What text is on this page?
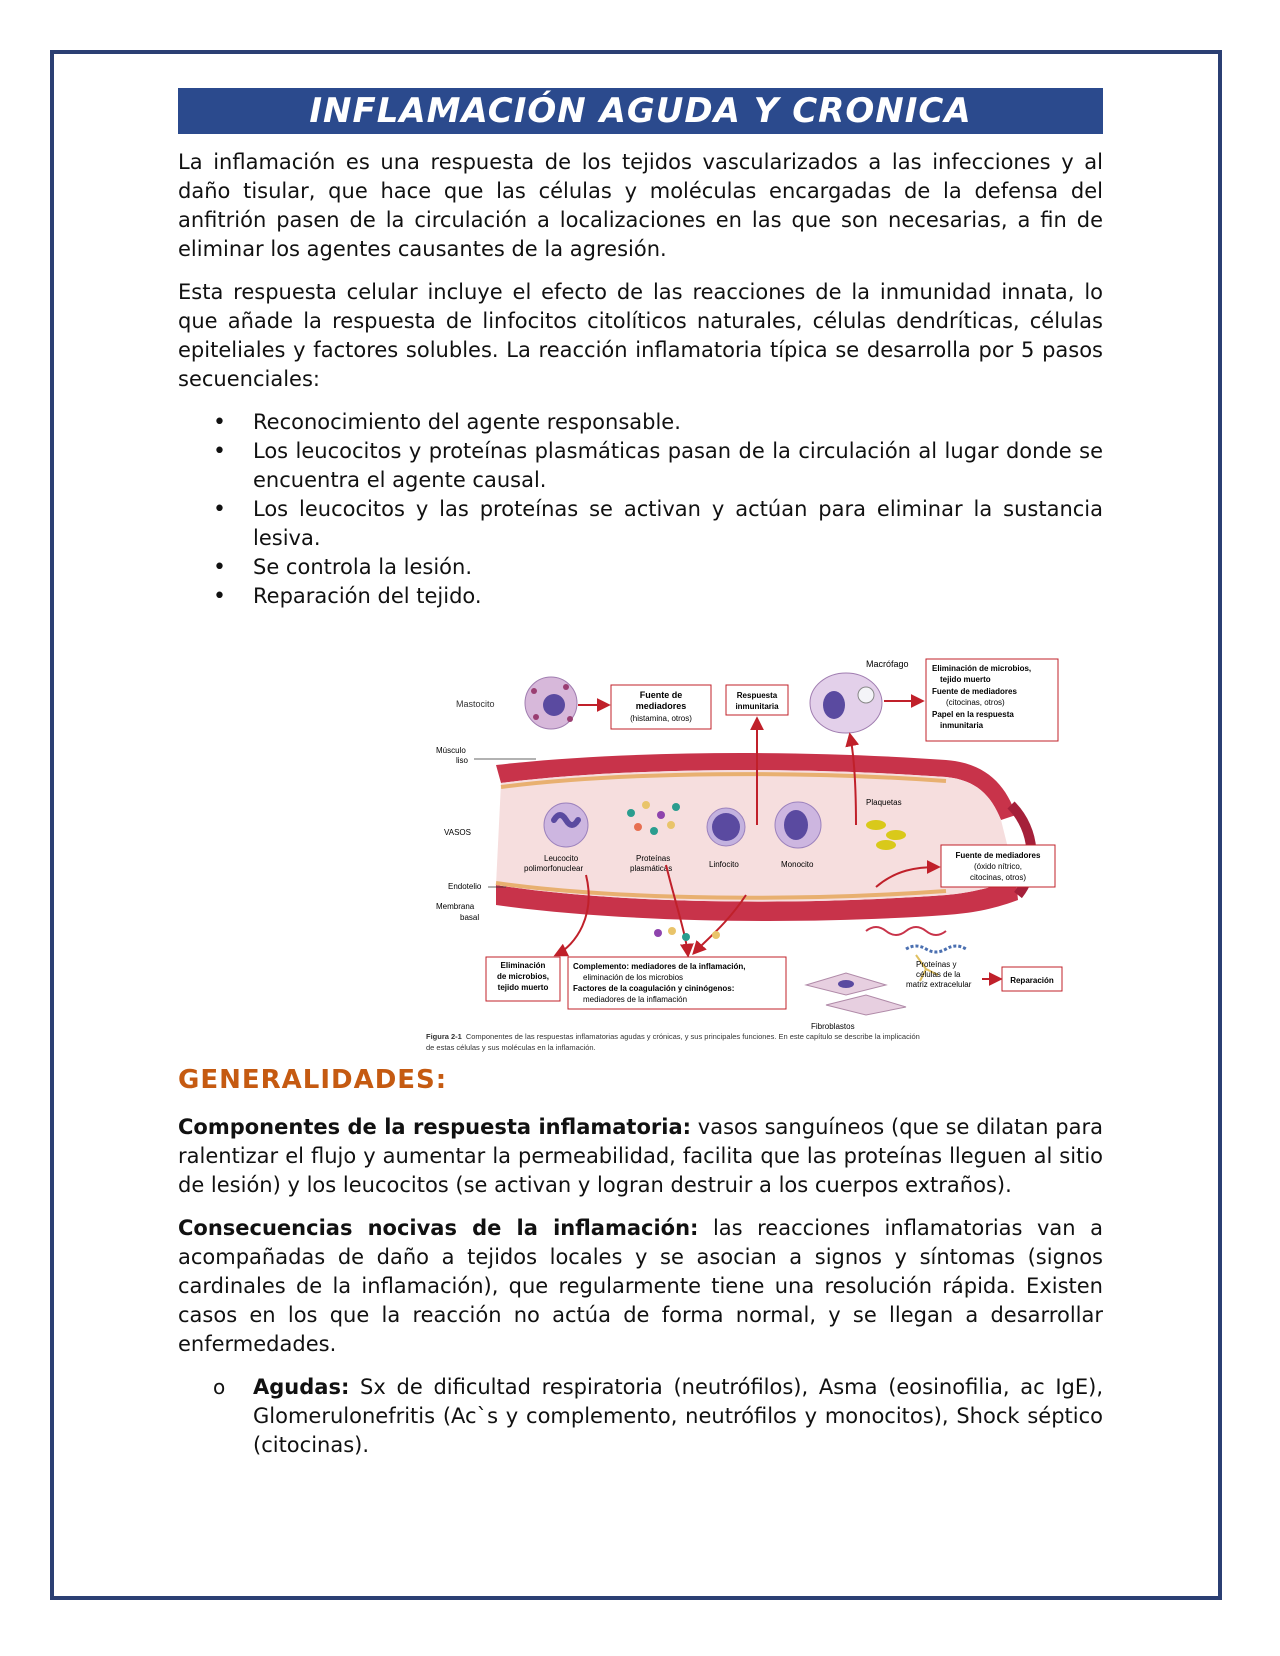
INFLAMACIÓN AGUDA Y CRONICA

La inflamación es una respuesta de los tejidos vascularizados a las infecciones y al daño tisular, que hace que las células y moléculas encargadas de la defensa del anfitrión pasen de la circulación a localizaciones en las que son necesarias, a fin de eliminar los agentes causantes de la agresión.

Esta respuesta celular incluye el efecto de las reacciones de la inmunidad innata, lo que añade la respuesta de linfocitos citolíticos naturales, células dendríticas, células epiteliales y factores solubles. La reacción inflamatoria típica se desarrolla por 5 pasos secuenciales:

• Reconocimiento del agente responsable.
• Los leucocitos y proteínas plasmáticas pasan de la circulación al lugar donde se encuentra el agente causal.
• Los leucocitos y las proteínas se activan y actúan para eliminar la sustancia lesiva.
• Se controla la lesión.
• Reparación del tejido.
Mastocito
Fuente de
mediadores
(histamina, otros)
Respuesta
inmunitaria
Macrófago	Eliminación de microbios,
tejido muerto
Fuente de mediadores
(citocinas, otros)
Papel en la respuesta
inmunitaria
Músculo
liso
VASOS
Endotelio
Membrana
basal
Leucocito
polimorfonuclear
Proteínas
plasmáticas	Linfocito	Monocito
Plaquetas
Fuente de mediadores
(óxido nítrico,
citocinas, otros)
Eliminación
de microbios,
tejido muerto
Complemento: mediadores de la inflamación,
eliminación de los microbios
Factores de la coagulación y cininógenos:
mediadores de la inflamación
Fibroblastos
Proteínas y
células de la
matriz extracelular	Reparación
Figura 2-1 Componentes de las respuestas inflamatorias agudas y crónicas, y sus principales funciones. En este capítulo se describe la implicación
de estas células y sus moléculas en la inflamación.
GENERALIDADES:

Componentes de la respuesta inflamatoria: vasos sanguíneos (que se dilatan para ralentizar el flujo y aumentar la permeabilidad, facilita que las proteínas lleguen al sitio de lesión) y los leucocitos (se activan y logran destruir a los cuerpos extraños).

Consecuencias nocivas de la inflamación: las reacciones inflamatorias van a acompañadas de daño a tejidos locales y se asocian a signos y síntomas (signos cardinales de la inflamación), que regularmente tiene una resolución rápida. Existen casos en los que la reacción no actúa de forma normal, y se llegan a desarrollar enfermedades.

o Agudas: Sx de dificultad respiratoria (neutrófilos), Asma (eosinofilia, ac IgE), Glomerulonefritis (Ac`s y complemento, neutrófilos y monocitos), Shock séptico (citocinas).
